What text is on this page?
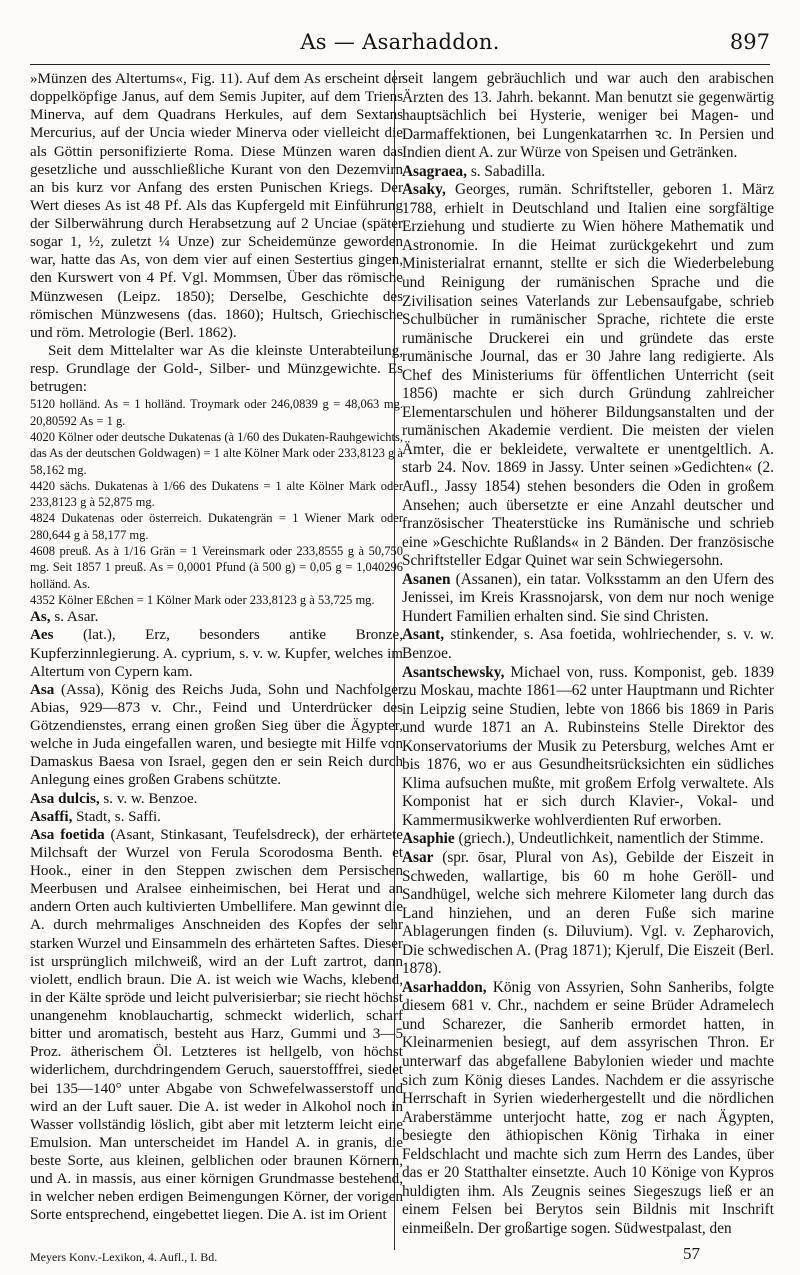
As — Asarhaddon.	897

»Münzen des Altertums«, Fig. 11). Auf dem As erscheint der doppelköpfige Janus, auf dem Semis Jupiter, auf dem Triens Minerva, auf dem Quadrans Herkules, auf dem Sextans Mercurius, auf der Uncia wieder Minerva oder vielleicht die als Göttin personifizierte Roma. Diese Münzen waren das gesetzliche und ausschließliche Kurant von den Dezemvirn an bis kurz vor Anfang des ersten Punischen Kriegs. Der Wert dieses As ist 48 Pf. Als das Kupfergeld mit Einführung der Silberwährung durch Herabsetzung auf 2 Unciae (später sogar 1, ½, zuletzt ¼ Unze) zur Scheidemünze geworden war, hatte das As, von dem vier auf einen Sestertius gingen, den Kurswert von 4 Pf. Vgl. Mommsen, Über das römische Münzwesen (Leipz. 1850); Derselbe, Geschichte des römischen Münzwesens (das. 1860); Hultsch, Griechische und röm. Metrologie (Berl. 1862).

Seit dem Mittelalter war As die kleinste Unterabteilung, resp. Grundlage der Gold-, Silber- und Münzgewichte. Es betrugen:

5120 holländ. As = 1 holländ. Troymark oder 246,0839 g = 48,063 mg. 20,80592 As = 1 g.

4020 Kölner oder deutsche Dukatenas (à 1/60 des Dukaten-Rauhgewichts, das As der deutschen Goldwagen) = 1 alte Kölner Mark oder 233,8123 g à 58,162 mg.

4420 sächs. Dukatenas à 1/66 des Dukatens = 1 alte Kölner Mark oder 233,8123 g à 52,875 mg.

4824 Dukatenas oder österreich. Dukatengrän = 1 Wiener Mark oder 280,644 g à 58,177 mg.

4608 preuß. As à 1/16 Grän = 1 Vereinsmark oder 233,8555 g à 50,750 mg. Seit 1857 1 preuß. As = 0,0001 Pfund (à 500 g) = 0,05 g = 1,040296 holländ. As.

4352 Kölner Eßchen = 1 Kölner Mark oder 233,8123 g à 53,725 mg.

As, s. Asar.

Aes (lat.), Erz, besonders antike Bronze, Kupferzinnlegierung. A. cyprium, s. v. w. Kupfer, welches im Altertum von Cypern kam.

Asa (Assa), König des Reichs Juda, Sohn und Nachfolger Abias, 929—873 v. Chr., Feind und Unterdrücker des Götzendienstes, errang einen großen Sieg über die Ägypter, welche in Juda eingefallen waren, und besiegte mit Hilfe von Damaskus Baesa von Israel, gegen den er sein Reich durch Anlegung eines großen Grabens schützte.

Asa dulcis, s. v. w. Benzoe.

Asaffi, Stadt, s. Saffi.

Asa foetida (Asant, Stinkasant, Teufelsdreck), der erhärtete Milchsaft der Wurzel von Ferula Scorodosma Benth. et Hook., einer in den Steppen zwischen dem Persischen Meerbusen und Aralsee einheimischen, bei Herat und an andern Orten auch kultivierten Umbellifere. Man gewinnt die A. durch mehrmaliges Anschneiden des Kopfes der sehr starken Wurzel und Einsammeln des erhärteten Saftes. Dieser ist ursprünglich milchweiß, wird an der Luft zartrot, dann violett, endlich braun. Die A. ist weich wie Wachs, klebend, in der Kälte spröde und leicht pulverisierbar; sie riecht höchst unangenehm knoblauchartig, schmeckt widerlich, scharf bitter und aromatisch, besteht aus Harz, Gummi und 3—5 Proz. ätherischem Öl. Letzteres ist hellgelb, von höchst widerlichem, durchdringendem Geruch, sauerstofffrei, siedet bei 135—140° unter Abgabe von Schwefelwasserstoff und wird an der Luft sauer. Die A. ist weder in Alkohol noch in Wasser vollständig löslich, gibt aber mit letzterm leicht eine Emulsion. Man unterscheidet im Handel A. in granis, die beste Sorte, aus kleinen, gelblichen oder braunen Körnern, und A. in massis, aus einer körnigen Grundmasse bestehend, in welcher neben erdigen Beimengungen Körner, der vorigen Sorte entsprechend, eingebettet liegen. Die A. ist im Orient

seit langem gebräuchlich und war auch den arabischen Ärzten des 13. Jahrh. bekannt. Man benutzt sie gegenwärtig hauptsächlich bei Hysterie, weniger bei Magen- und Darmaffektionen, bei Lungenkatarrhen ꝛc. In Persien und Indien dient A. zur Würze von Speisen und Getränken.

Asagraea, s. Sabadilla.

Asaky, Georges, rumän. Schriftsteller, geboren 1. März 1788, erhielt in Deutschland und Italien eine sorgfältige Erziehung und studierte zu Wien höhere Mathematik und Astronomie. In die Heimat zurückgekehrt und zum Ministerialrat ernannt, stellte er sich die Wiederbelebung und Reinigung der rumänischen Sprache und die Zivilisation seines Vaterlands zur Lebensaufgabe, schrieb Schulbücher in rumänischer Sprache, richtete die erste rumänische Druckerei ein und gründete das erste rumänische Journal, das er 30 Jahre lang redigierte. Als Chef des Ministeriums für öffentlichen Unterricht (seit 1856) machte er sich durch Gründung zahlreicher Elementarschulen und höherer Bildungsanstalten und der rumänischen Akademie verdient. Die meisten der vielen Ämter, die er bekleidete, verwaltete er unentgeltlich. A. starb 24. Nov. 1869 in Jassy. Unter seinen »Gedichten« (2. Aufl., Jassy 1854) stehen besonders die Oden in großem Ansehen; auch übersetzte er eine Anzahl deutscher und französischer Theaterstücke ins Rumänische und schrieb eine »Geschichte Rußlands« in 2 Bänden. Der französische Schriftsteller Edgar Quinet war sein Schwiegersohn.

Asanen (Assanen), ein tatar. Volksstamm an den Ufern des Jenissei, im Kreis Krassnojarsk, von dem nur noch wenige Hundert Familien erhalten sind. Sie sind Christen.

Asant, stinkender, s. Asa foetida, wohlriechender, s. v. w. Benzoe.

Asantschewsky, Michael von, russ. Komponist, geb. 1839 zu Moskau, machte 1861—62 unter Hauptmann und Richter in Leipzig seine Studien, lebte von 1866 bis 1869 in Paris und wurde 1871 an A. Rubinsteins Stelle Direktor des Konservatoriums der Musik zu Petersburg, welches Amt er bis 1876, wo er aus Gesundheitsrücksichten ein südliches Klima aufsuchen mußte, mit großem Erfolg verwaltete. Als Komponist hat er sich durch Klavier-, Vokal- und Kammermusikwerke wohlverdienten Ruf erworben.

Asaphie (griech.), Undeutlichkeit, namentlich der Stimme.

Asar (spr. ōsar, Plural von As), Gebilde der Eiszeit in Schweden, wallartige, bis 60 m hohe Geröll- und Sandhügel, welche sich mehrere Kilometer lang durch das Land hinziehen, und an deren Fuße sich marine Ablagerungen finden (s. Diluvium). Vgl. v. Zepharovich, Die schwedischen A. (Prag 1871); Kjerulf, Die Eiszeit (Berl. 1878).

Asarhaddon, König von Assyrien, Sohn Sanheribs, folgte diesem 681 v. Chr., nachdem er seine Brüder Adramelech und Scharezer, die Sanherib ermordet hatten, in Kleinarmenien besiegt, auf dem assyrischen Thron. Er unterwarf das abgefallene Babylonien wieder und machte sich zum König dieses Landes. Nachdem er die assyrische Herrschaft in Syrien wiederhergestellt und die nördlichen Araberstämme unterjocht hatte, zog er nach Ägypten, besiegte den äthiopischen König Tirhaka in einer Feldschlacht und machte sich zum Herrn des Landes, über das er 20 Statthalter einsetzte. Auch 10 Könige von Kypros huldigten ihm. Als Zeugnis seines Siegeszugs ließ er an einem Felsen bei Berytos sein Bildnis mit Inschrift einmeißeln. Der großartige sogen. Südwestpalast, den

Meyers Konv.-Lexikon, 4. Aufl., I. Bd.	57
